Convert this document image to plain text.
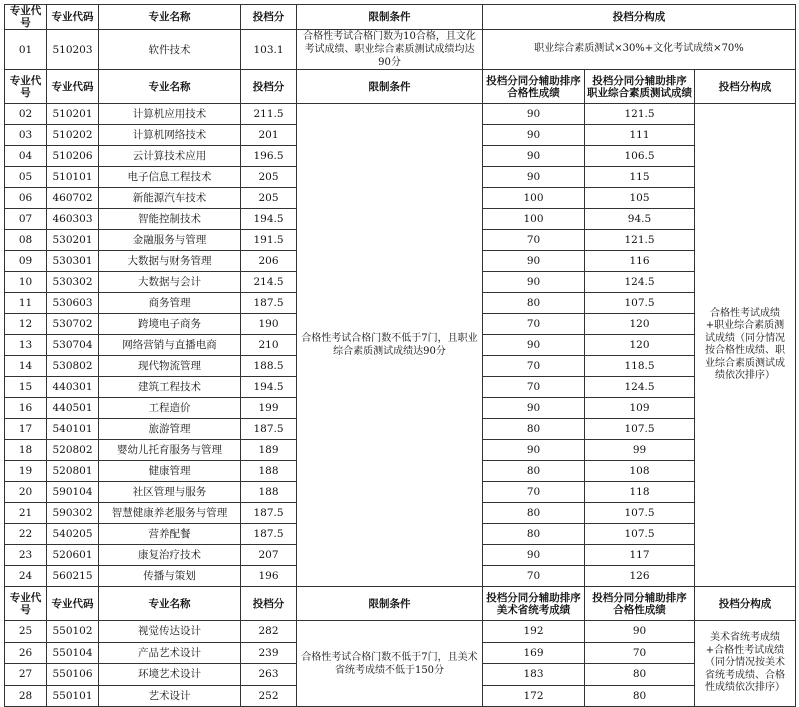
专业代号	专业代码	专业名称	投档分	限制条件	投档分构成		
01	510203	软件技术	103.1	合格性考试合格门数为10合格，且文化考试成绩、职业综合素质测试成绩均达90分	职业综合素质测试×30%+文化考试成绩×70%		
专业代号	专业代码	专业名称	投档分	限制条件	投档分同分辅助排序 合格性成绩	投档分同分辅助排序 职业综合素质测试成绩	投档分构成
02	510201	计算机应用技术	211.5	合格性考试合格门数不低于7门，且职业综合素质测试成绩达90分	90	121.5	合格性考试成绩+职业综合素质测试成绩（同分情况按合格性成绩、职业综合素质测试成绩依次排序）
03	510202	计算机网络技术	201		90	111	
04	510206	云计算技术应用	196.5		90	106.5	
05	510101	电子信息工程技术	205		90	115	
06	460702	新能源汽车技术	205		100	105	
07	460303	智能控制技术	194.5		100	94.5	
08	530201	金融服务与管理	191.5		70	121.5	
09	530301	大数据与财务管理	206		90	116	
10	530302	大数据与会计	214.5		90	124.5	
11	530603	商务管理	187.5		80	107.5	
12	530702	跨境电子商务	190		70	120	
13	530704	网络营销与直播电商	210		90	120	
14	530802	现代物流管理	188.5		70	118.5	
15	440301	建筑工程技术	194.5		70	124.5	
16	440501	工程造价	199		90	109	
17	540101	旅游管理	187.5		80	107.5	
18	520802	婴幼儿托育服务与管理	189		90	99	
19	520801	健康管理	188		80	108	
20	590104	社区管理与服务	188		70	118	
21	590302	智慧健康养老服务与管理	187.5		80	107.5	
22	540205	营养配餐	187.5		80	107.5	
23	520601	康复治疗技术	207		90	117	
24	560215	传播与策划	196		70	126	
专业代号	专业代码	专业名称	投档分	限制条件	投档分同分辅助排序 美术省统考成绩	投档分同分辅助排序 合格性成绩	投档分构成
25	550102	视觉传达设计	282	合格性考试合格门数不低于7门，且美术省统考成绩不低于150分	192	90	美术省统考成绩+合格性考试成绩（同分情况按美术省统考成绩、合格性成绩依次排序）
26	550104	产品艺术设计	239		169	70	
27	550106	环境艺术设计	263		183	80	
28	550101	艺术设计	252		172	80	
